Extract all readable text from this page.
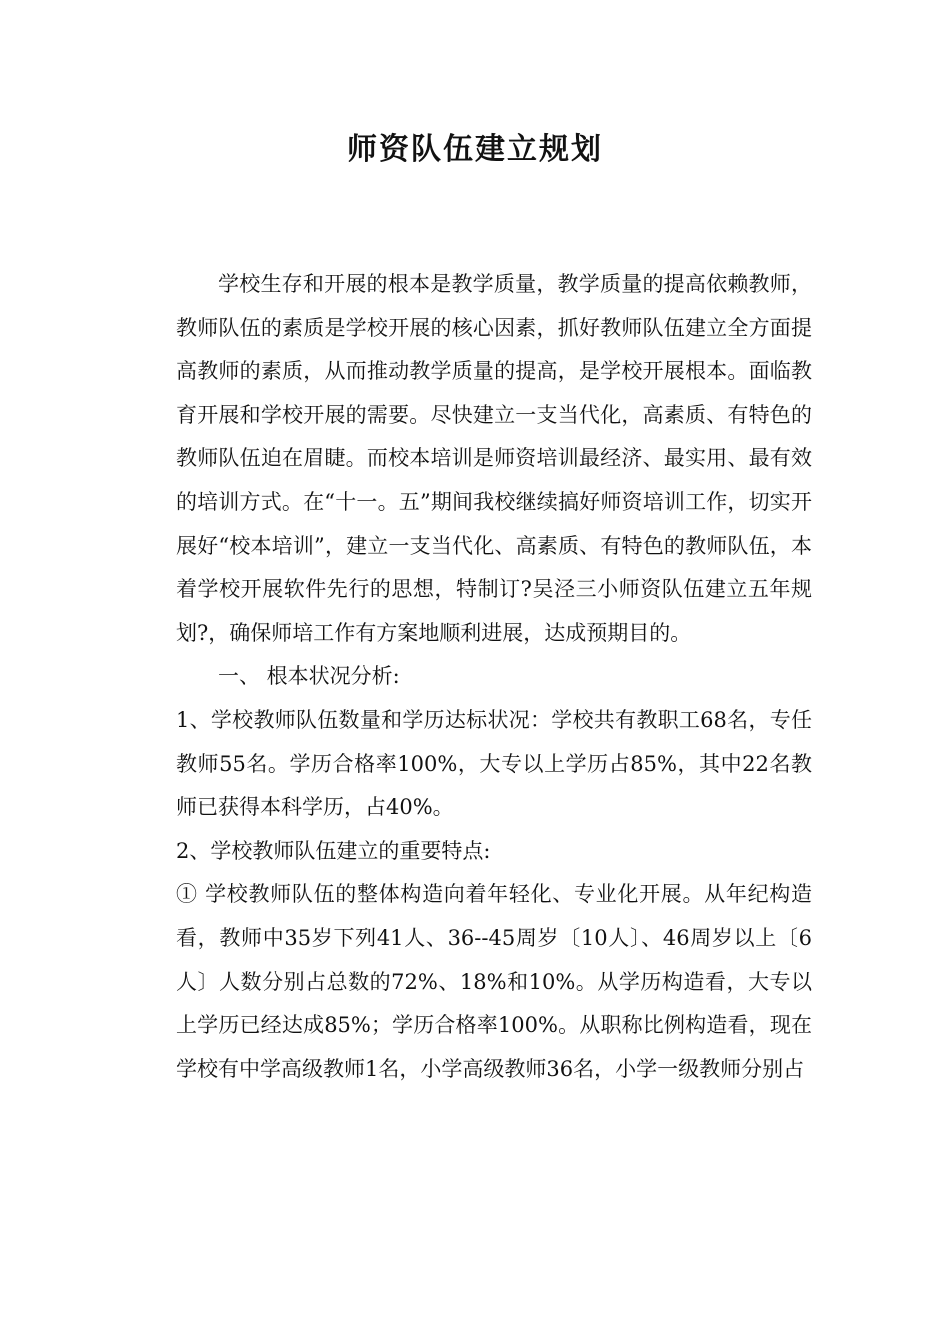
师资队伍建立规划

学校生存和开展的根本是教学质量，教学质量的提高依赖教师，教师队伍的素质是学校开展的核心因素，抓好教师队伍建立全方面提高教师的素质，从而推动教学质量的提高，是学校开展根本。面临教育开展和学校开展的需要。尽快建立一支当代化，高素质、有特色的教师队伍迫在眉睫。而校本培训是师资培训最经济、最实用、最有效的培训方式。在“十一。五”期间我校继续搞好师资培训工作，切实开展好“校本培训”，建立一支当代化、高素质、有特色的教师队伍，本着学校开展软件先行的思想，特制订?吴泾三小师资队伍建立五年规划?，确保师培工作有方案地顺利进展，达成预期目的。

一、 根本状况分析:

1、学校教师队伍数量和学历达标状况：学校共有教职工68名，专任教师55名。学历合格率100%，大专以上学历占85%，其中22名教师已获得本科学历，占40%。

2、学校教师队伍建立的重要特点:

① 学校教师队伍的整体构造向着年轻化、专业化开展。从年纪构造看，教师中35岁下列41人、36--45周岁〔10人〕、46周岁以上〔6人〕人数分别占总数的72%、18%和10%。从学历构造看，大专以上学历已经达成85%；学历合格率100%。从职称比例构造看，现在学校有中学高级教师1名，小学高级教师36名，小学一级教师分别占
